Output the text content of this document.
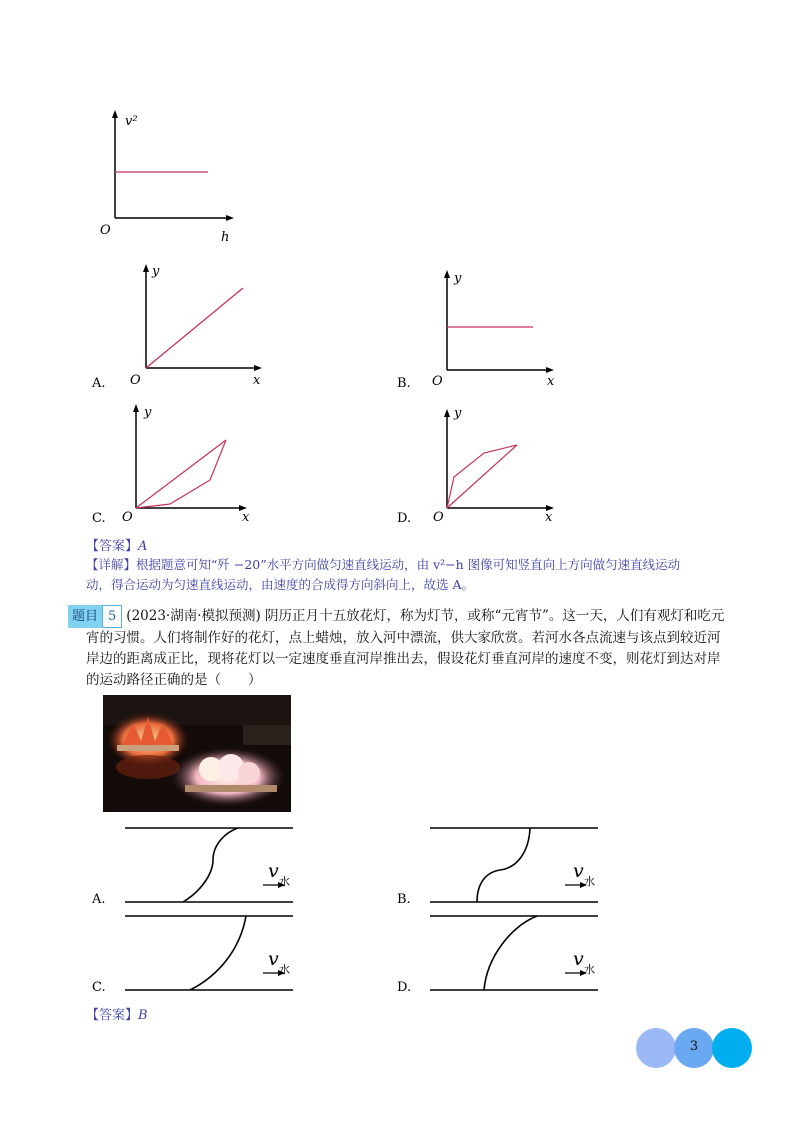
v²
O	h
A. O	x
y
B. O	x
y
C. O	x
y
D. O	x
y
【答案】A
【详解】根据题意可知“歼 −20”水平方向做匀速直线运动，由 v²−h 图像可知竖直向上方向做匀速直线运动
动，得合运动为匀速直线运动，由速度的合成得方向斜向上，故选 A。
题目 5 (2023·湖南·模拟预测) 阴历正月十五放花灯，称为灯节，或称“元宵节”。这一天，人们有观灯和吃元
宵的习惯。人们将制作好的花灯，点上蜡烛，放入河中漂流，供大家欣赏。若河水各点流速与该点到较近河
岸边的距离成正比，现将花灯以一定速度垂直河岸推出去，假设花灯垂直河岸的速度不变，则花灯到达对岸
的运动路径正确的是（　　）
A.
v 水
B.
v 水
C.
v 水
D.
v 水
【答案】B
3
